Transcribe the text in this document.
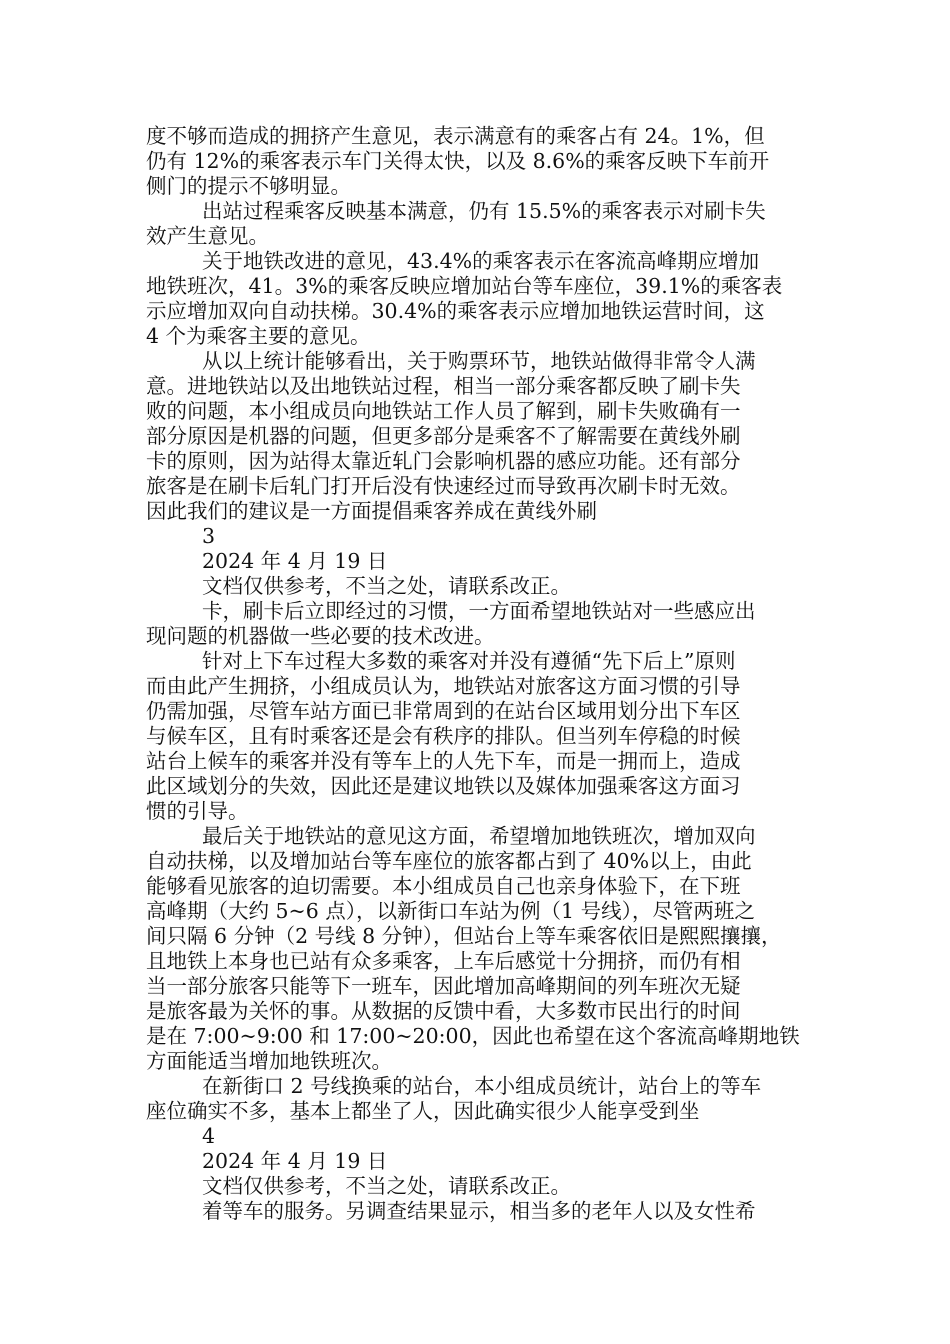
度不够而造成的拥挤产生意见，表示满意有的乘客占有 24。1%，但
仍有 12%的乘客表示车门关得太快，以及 8.6%的乘客反映下车前开
侧门的提示不够明显。
出站过程乘客反映基本满意，仍有 15.5%的乘客表示对刷卡失
效产生意见。
关于地铁改进的意见，43.4%的乘客表示在客流高峰期应增加
地铁班次，41。3%的乘客反映应增加站台等车座位，39.1%的乘客表
示应增加双向自动扶梯。30.4%的乘客表示应增加地铁运营时间，这
4 个为乘客主要的意见。
从以上统计能够看出，关于购票环节，地铁站做得非常令人满
意。进地铁站以及出地铁站过程，相当一部分乘客都反映了刷卡失
败的问题，本小组成员向地铁站工作人员了解到，刷卡失败确有一
部分原因是机器的问题，但更多部分是乘客不了解需要在黄线外刷
卡的原则，因为站得太靠近轧门会影响机器的感应功能。还有部分
旅客是在刷卡后轧门打开后没有快速经过而导致再次刷卡时无效。
因此我们的建议是一方面提倡乘客养成在黄线外刷
3
2024 年 4 月 19 日
文档仅供参考，不当之处，请联系改正。
卡，刷卡后立即经过的习惯，一方面希望地铁站对一些感应出
现问题的机器做一些必要的技术改进。
针对上下车过程大多数的乘客对并没有遵循“先下后上”原则
而由此产生拥挤，小组成员认为，地铁站对旅客这方面习惯的引导
仍需加强，尽管车站方面已非常周到的在站台区域用划分出下车区
与候车区，且有时乘客还是会有秩序的排队。但当列车停稳的时候
站台上候车的乘客并没有等车上的人先下车，而是一拥而上，造成
此区域划分的失效，因此还是建议地铁以及媒体加强乘客这方面习
惯的引导。
最后关于地铁站的意见这方面，希望增加地铁班次，增加双向
自动扶梯，以及增加站台等车座位的旅客都占到了 40%以上，由此
能够看见旅客的迫切需要。本小组成员自己也亲身体验下，在下班
高峰期（大约 5~6 点），以新街口车站为例（1 号线），尽管两班之
间只隔 6 分钟（2 号线 8 分钟），但站台上等车乘客依旧是熙熙攘攘，
且地铁上本身也已站有众多乘客，上车后感觉十分拥挤，而仍有相
当一部分旅客只能等下一班车，因此增加高峰期间的列车班次无疑
是旅客最为关怀的事。从数据的反馈中看，大多数市民出行的时间
是在 7:00~9:00 和 17:00~20:00，因此也希望在这个客流高峰期地铁
方面能适当增加地铁班次。
在新街口 2 号线换乘的站台，本小组成员统计，站台上的等车
座位确实不多，基本上都坐了人，因此确实很少人能享受到坐
4
2024 年 4 月 19 日
文档仅供参考，不当之处，请联系改正。
着等车的服务。另调查结果显示，相当多的老年人以及女性希
